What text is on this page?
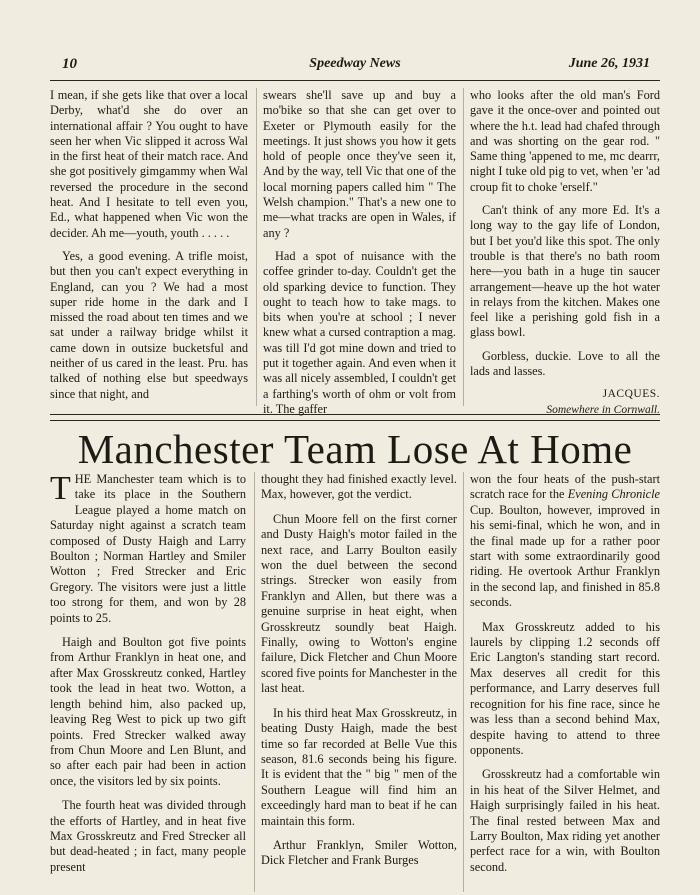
10	Speedway News	June 26, 1931

I mean, if she gets like that over a local Derby, what'd she do over an international affair ? You ought to have seen her when Vic slipped it across Wal in the first heat of their match race. And she got positively gimgammy when Wal reversed the procedure in the second heat. And I hesitate to tell even you, Ed., what happened when Vic won the decider. Ah me—youth, youth . . . . .

Yes, a good evening. A trifle moist, but then you can't expect everything in England, can you ? We had a most super ride home in the dark and I missed the road about ten times and we sat under a railway bridge whilst it came down in outsize bucketsful and neither of us cared in the least. Pru. has talked of nothing else but speedways since that night, and

swears she'll save up and buy a mo'bike so that she can get over to Exeter or Plymouth easily for the meetings. It just shows you how it gets hold of people once they've seen it, And by the way, tell Vic that one of the local morning papers called him " The Welsh champion." That's a new one to me—what tracks are open in Wales, if any ?

Had a spot of nuisance with the coffee grinder to-day. Couldn't get the old sparking device to function. They ought to teach how to take mags. to bits when you're at school ; I never knew what a cursed contraption a mag. was till I'd got mine down and tried to put it together again. And even when it was all nicely assembled, I couldn't get a farthing's worth of ohm or volt from it. The gaffer

who looks after the old man's Ford gave it the once-over and pointed out where the h.t. lead had chafed through and was shorting on the gear rod. " Same thing 'appened to me, mc dearrr, night I tuke old pig to vet, when 'er 'ad croup fit to choke 'erself."

Can't think of any more Ed. It's a long way to the gay life of London, but I bet you'd like this spot. The only trouble is that there's no bath room here—you bath in a huge tin saucer arrangement—heave up the hot water in relays from the kitchen. Makes one feel like a perishing gold fish in a glass bowl.

Gorbless, duckie. Love to all the lads and lasses.

JACQUES.

Somewhere in Cornwall.

Manchester Team Lose At Home

THE Manchester team which is to take its place in the Southern League played a home match on Saturday night against a scratch team composed of Dusty Haigh and Larry Boulton ; Norman Hartley and Smiler Wotton ; Fred Strecker and Eric Gregory. The visitors were just a little too strong for them, and won by 28 points to 25.

Haigh and Boulton got five points from Arthur Franklyn in heat one, and after Max Grosskreutz conked, Hartley took the lead in heat two. Wotton, a length behind him, also packed up, leaving Reg West to pick up two gift points. Fred Strecker walked away from Chun Moore and Len Blunt, and so after each pair had been in action once, the visitors led by six points.

The fourth heat was divided through the efforts of Hartley, and in heat five Max Grosskreutz and Fred Strecker all but dead-heated ; in fact, many people present

thought they had finished exactly level. Max, however, got the verdict.

Chun Moore fell on the first corner and Dusty Haigh's motor failed in the next race, and Larry Boulton easily won the duel between the second strings. Strecker won easily from Franklyn and Allen, but there was a genuine surprise in heat eight, when Grosskreutz soundly beat Haigh. Finally, owing to Wotton's engine failure, Dick Fletcher and Chun Moore scored five points for Manchester in the last heat.

In his third heat Max Grosskreutz, in beating Dusty Haigh, made the best time so far recorded at Belle Vue this season, 81.6 seconds being his figure. It is evident that the " big " men of the Southern League will find him an exceedingly hard man to beat if he can maintain this form.

Arthur Franklyn, Smiler Wotton, Dick Fletcher and Frank Burges

won the four heats of the push-start scratch race for the Evening Chronicle Cup. Boulton, however, improved in his semi-final, which he won, and in the final made up for a rather poor start with some extraordinarily good riding. He overtook Arthur Franklyn in the second lap, and finished in 85.8 seconds.

Max Grosskreutz added to his laurels by clipping 1.2 seconds off Eric Langton's standing start record. Max deserves all credit for this performance, and Larry deserves full recognition for his fine race, since he was less than a second behind Max, despite having to attend to three opponents.

Grosskreutz had a comfortable win in his heat of the Silver Helmet, and Haigh surprisingly failed in his heat. The final rested between Max and Larry Boulton, Max riding yet another perfect race for a win, with Boulton second.
